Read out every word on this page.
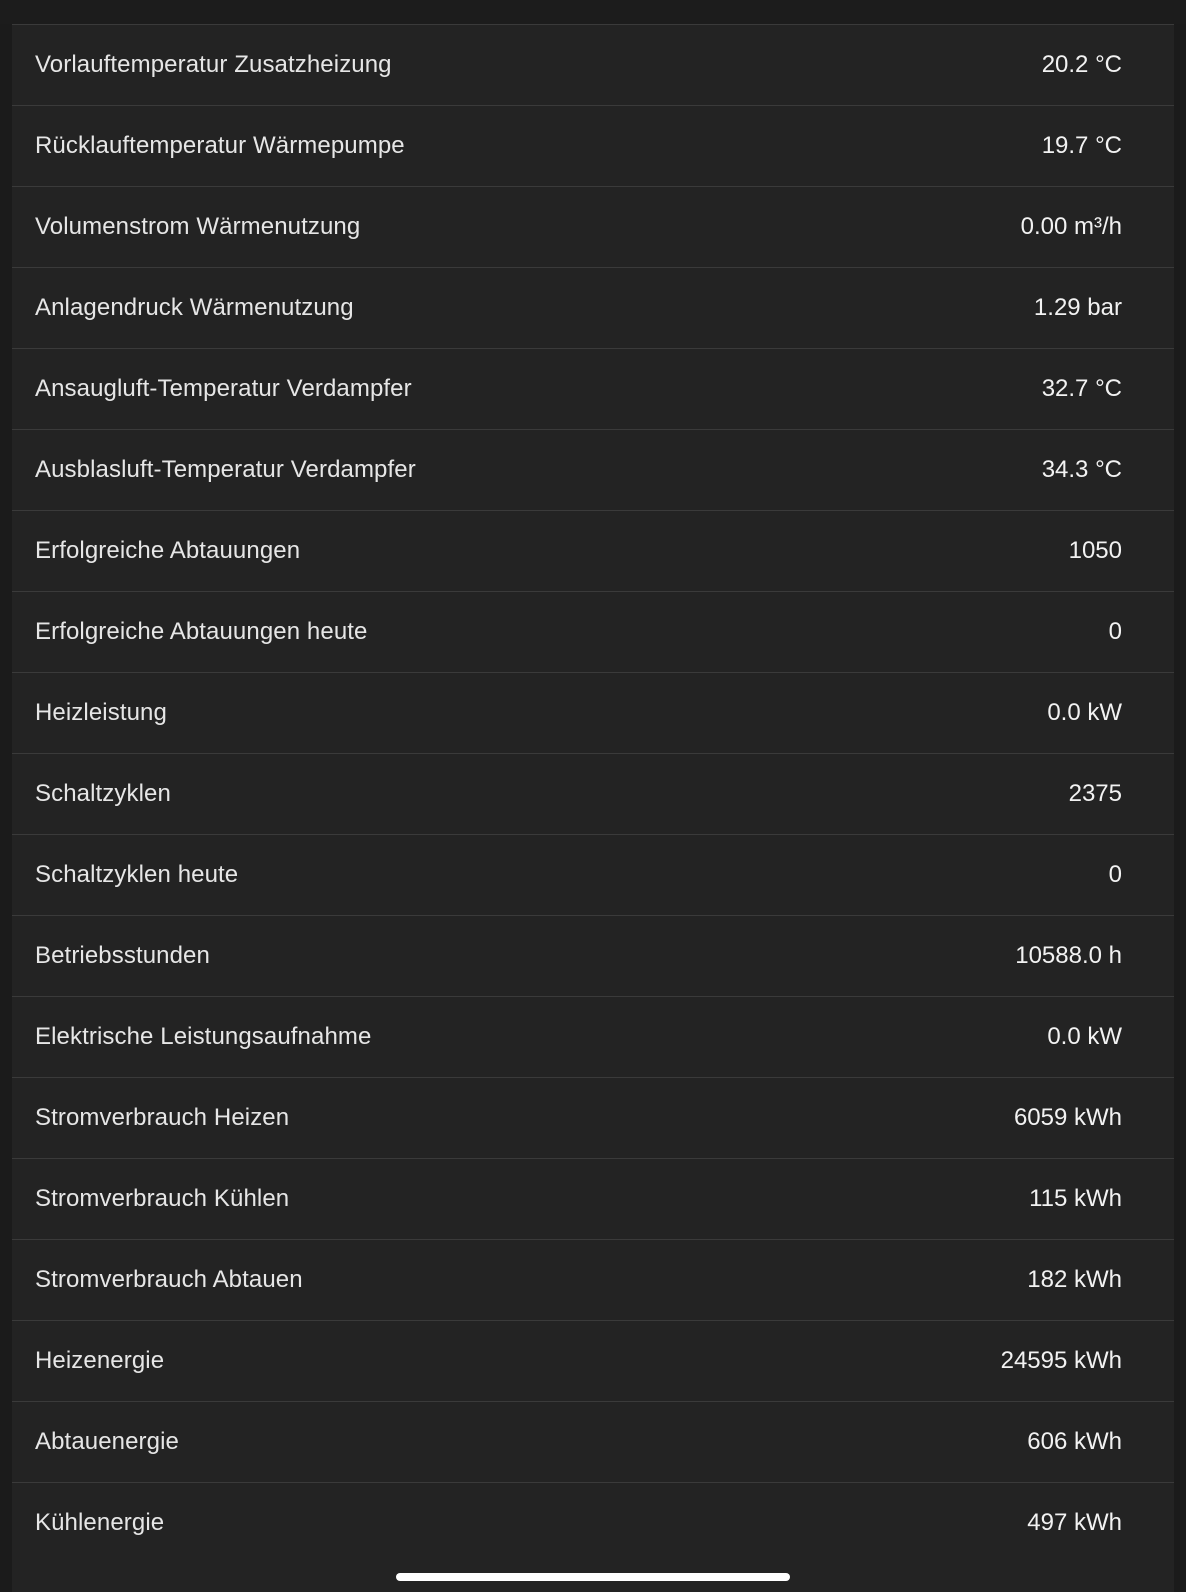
Vorlauftemperatur Zusatzheizung	20.2 °C
Rücklauftemperatur Wärmepumpe	19.7 °C
Volumenstrom Wärmenutzung	0.00 m³/h
Anlagendruck Wärmenutzung	1.29 bar
Ansaugluft-Temperatur Verdampfer	32.7 °C
Ausblasluft-Temperatur Verdampfer	34.3 °C
Erfolgreiche Abtauungen	1050
Erfolgreiche Abtauungen heute	0
Heizleistung	0.0 kW
Schaltzyklen	2375
Schaltzyklen heute	0
Betriebsstunden	10588.0 h
Elektrische Leistungsaufnahme	0.0 kW
Stromverbrauch Heizen	6059 kWh
Stromverbrauch Kühlen	115 kWh
Stromverbrauch Abtauen	182 kWh
Heizenergie	24595 kWh
Abtauenergie	606 kWh
Kühlenergie	497 kWh
